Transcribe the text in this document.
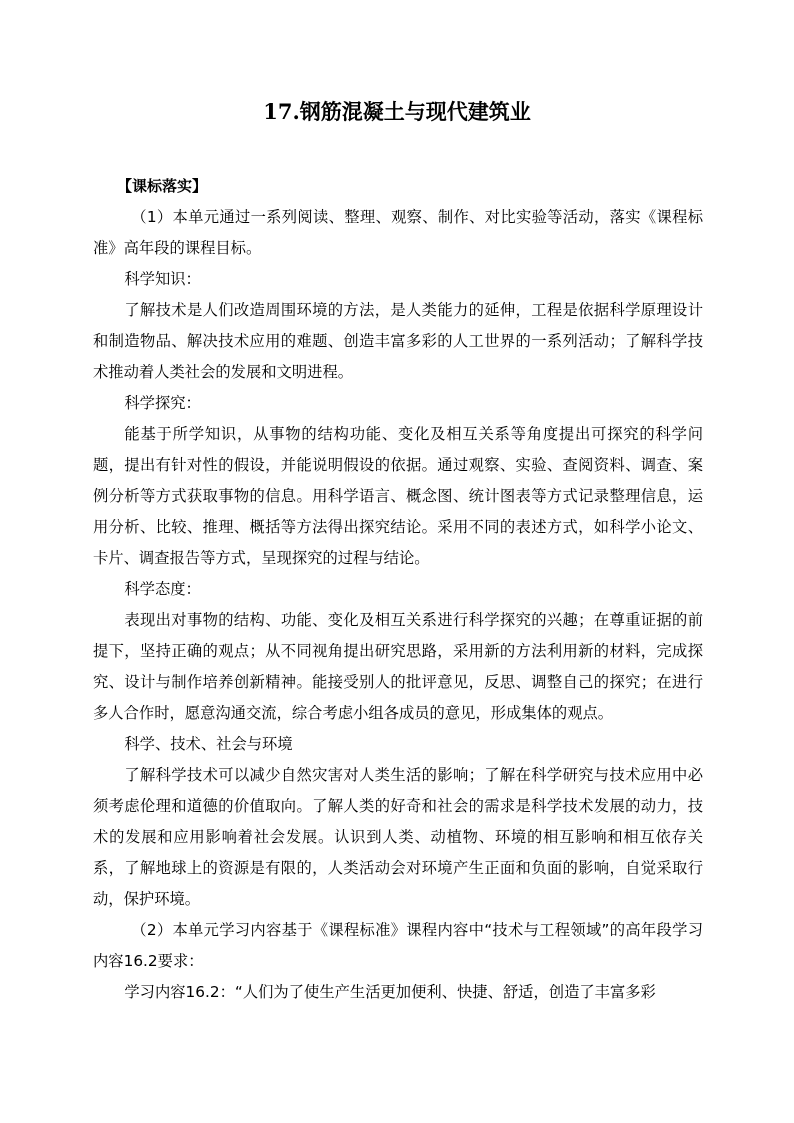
17.钢筋混凝土与现代建筑业
【课标落实】

（1）本单元通过一系列阅读、整理、观察、制作、对比实验等活动，落实《课程标准》高年段的课程目标。

科学知识：

了解技术是人们改造周围环境的方法，是人类能力的延伸，工程是依据科学原理设计和制造物品、解决技术应用的难题、创造丰富多彩的人工世界的一系列活动；了解科学技术推动着人类社会的发展和文明进程。

科学探究：

能基于所学知识，从事物的结构功能、变化及相互关系等角度提出可探究的科学问题，提出有针对性的假设，并能说明假设的依据。通过观察、实验、查阅资料、调查、案例分析等方式获取事物的信息。用科学语言、概念图、统计图表等方式记录整理信息，运用分析、比较、推理、概括等方法得出探究结论。采用不同的表述方式，如科学小论文、卡片、调查报告等方式，呈现探究的过程与结论。

科学态度：

表现出对事物的结构、功能、变化及相互关系进行科学探究的兴趣；在尊重证据的前提下，坚持正确的观点；从不同视角提出研究思路，采用新的方法利用新的材料，完成探究、设计与制作培养创新精神。能接受别人的批评意见，反思、调整自己的探究；在进行多人合作时，愿意沟通交流，综合考虑小组各成员的意见，形成集体的观点。

科学、技术、社会与环境

了解科学技术可以减少自然灾害对人类生活的影响；了解在科学研究与技术应用中必须考虑伦理和道德的价值取向。了解人类的好奇和社会的需求是科学技术发展的动力，技术的发展和应用影响着社会发展。认识到人类、动植物、环境的相互影响和相互依存关系，了解地球上的资源是有限的，人类活动会对环境产生正面和负面的影响，自觉采取行动，保护环境。

（2）本单元学习内容基于《课程标准》课程内容中“技术与工程领域”的高年段学习内容16.2要求：

学习内容16.2：“人们为了使生产生活更加便利、快捷、舒适，创造了丰富多彩
